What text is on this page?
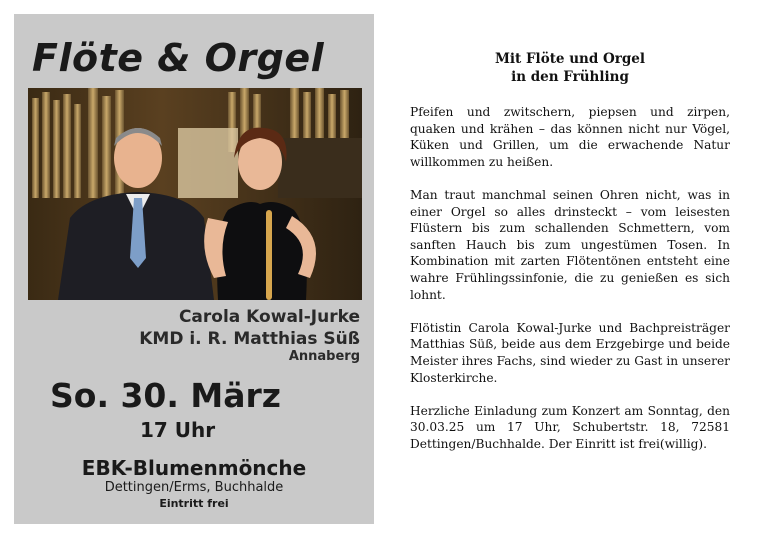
Flöte & Orgel
Carola Kowal-Jurke
KMD i. R. Matthias Süß
Annaberg
So. 30. März
17 Uhr
EBK-Blumenmönche
Dettingen/Erms, Buchhalde
Eintritt frei
Mit Flöte und Orgel
in den Frühling

Pfeifen und zwitschern, piepsen und zirpen, quaken und krähen – das können nicht nur Vögel, Küken und Grillen, um die erwachende Natur willkommen zu heißen.

Man traut manchmal seinen Ohren nicht, was in einer Orgel so alles drinsteckt – vom leisesten Flüstern bis zum schallenden Schmettern, vom sanften Hauch bis zum ungestümen Tosen. In Kombination mit zarten Flötentönen entsteht eine wahre Frühlingssinfonie, die zu genießen es sich lohnt.

Flötistin Carola Kowal-Jurke und Bachpreisträger Matthias Süß, beide aus dem Erzgebirge und beide Meister ihres Fachs, sind wieder zu Gast in unserer Klosterkirche.

Herzliche Einladung zum Konzert am Sonntag, den 30.03.25 um 17 Uhr, Schubertstr. 18, 72581 Dettingen/Buchhalde. Der Einritt ist frei(willig).
